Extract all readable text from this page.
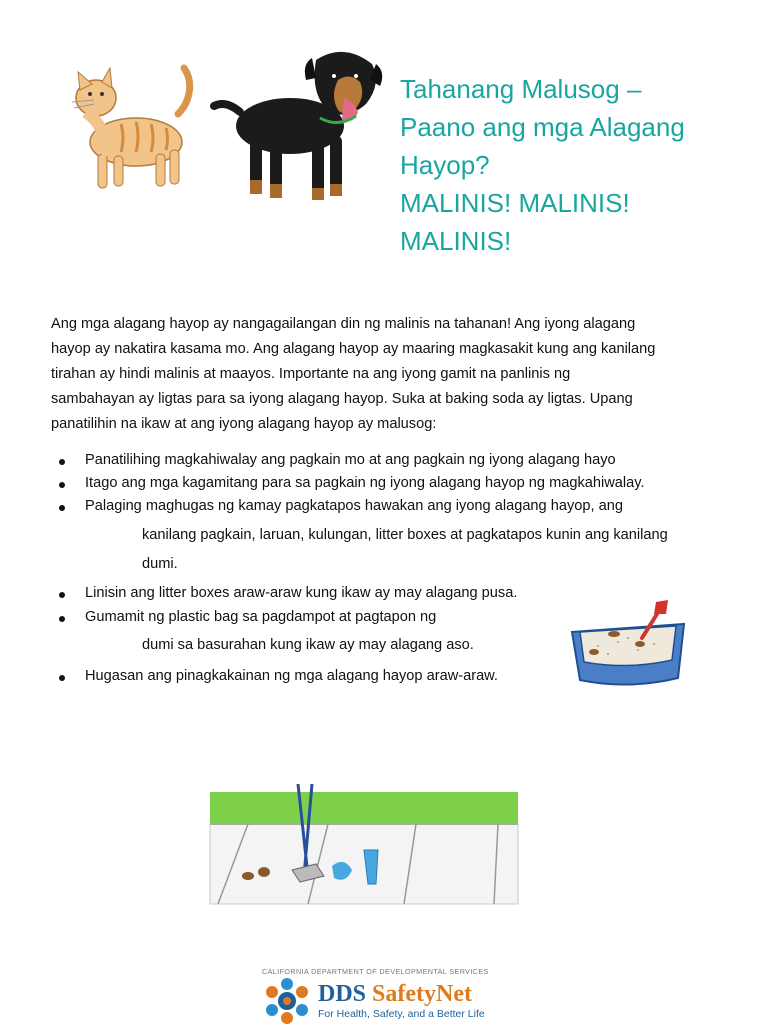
Tahanang Malusog –
Paano ang mga Alagang
Hayop?
MALINIS! MALINIS!
MALINIS!
Ang mga alagang hayop ay nangagailangan din ng malinis na tahanan! Ang iyong alagang
hayop ay nakatira kasama mo. Ang alagang hayop ay maaring magkasakit kung ang kanilang
tirahan ay hindi malinis at maayos. Importante na ang iyong gamit na panlinis ng
sambahayan ay ligtas para sa iyong alagang hayop. Suka at baking soda ay ligtas. Upang
panatilihin na ikaw at ang iyong alagang hayop ay malusog:
Panatilihing magkahiwalay ang pagkain mo at ang pagkain ng iyong alagang hayo
Itago ang mga kagamitang para sa pagkain ng iyong alagang hayop ng magkahiwalay.
Palaging maghugas ng kamay pagkatapos hawakan ang iyong alagang hayop, ang
kanilang pagkain, laruan, kulungan, litter boxes at pagkatapos kunin ang kanilang
dumi.
Linisin ang litter boxes araw-araw kung ikaw ay may alagang pusa.
Gumamit ng plastic bag sa pagdampot at pagtapon ng
dumi sa basurahan kung ikaw ay may alagang aso.
Hugasan ang pinagkakainan ng mga alagang hayop araw-araw.
CALIFORNIA DEPARTMENT OF DEVELOPMENTAL SERVICES
DDS SafetyNet
For Health, Safety, and a Better Life
